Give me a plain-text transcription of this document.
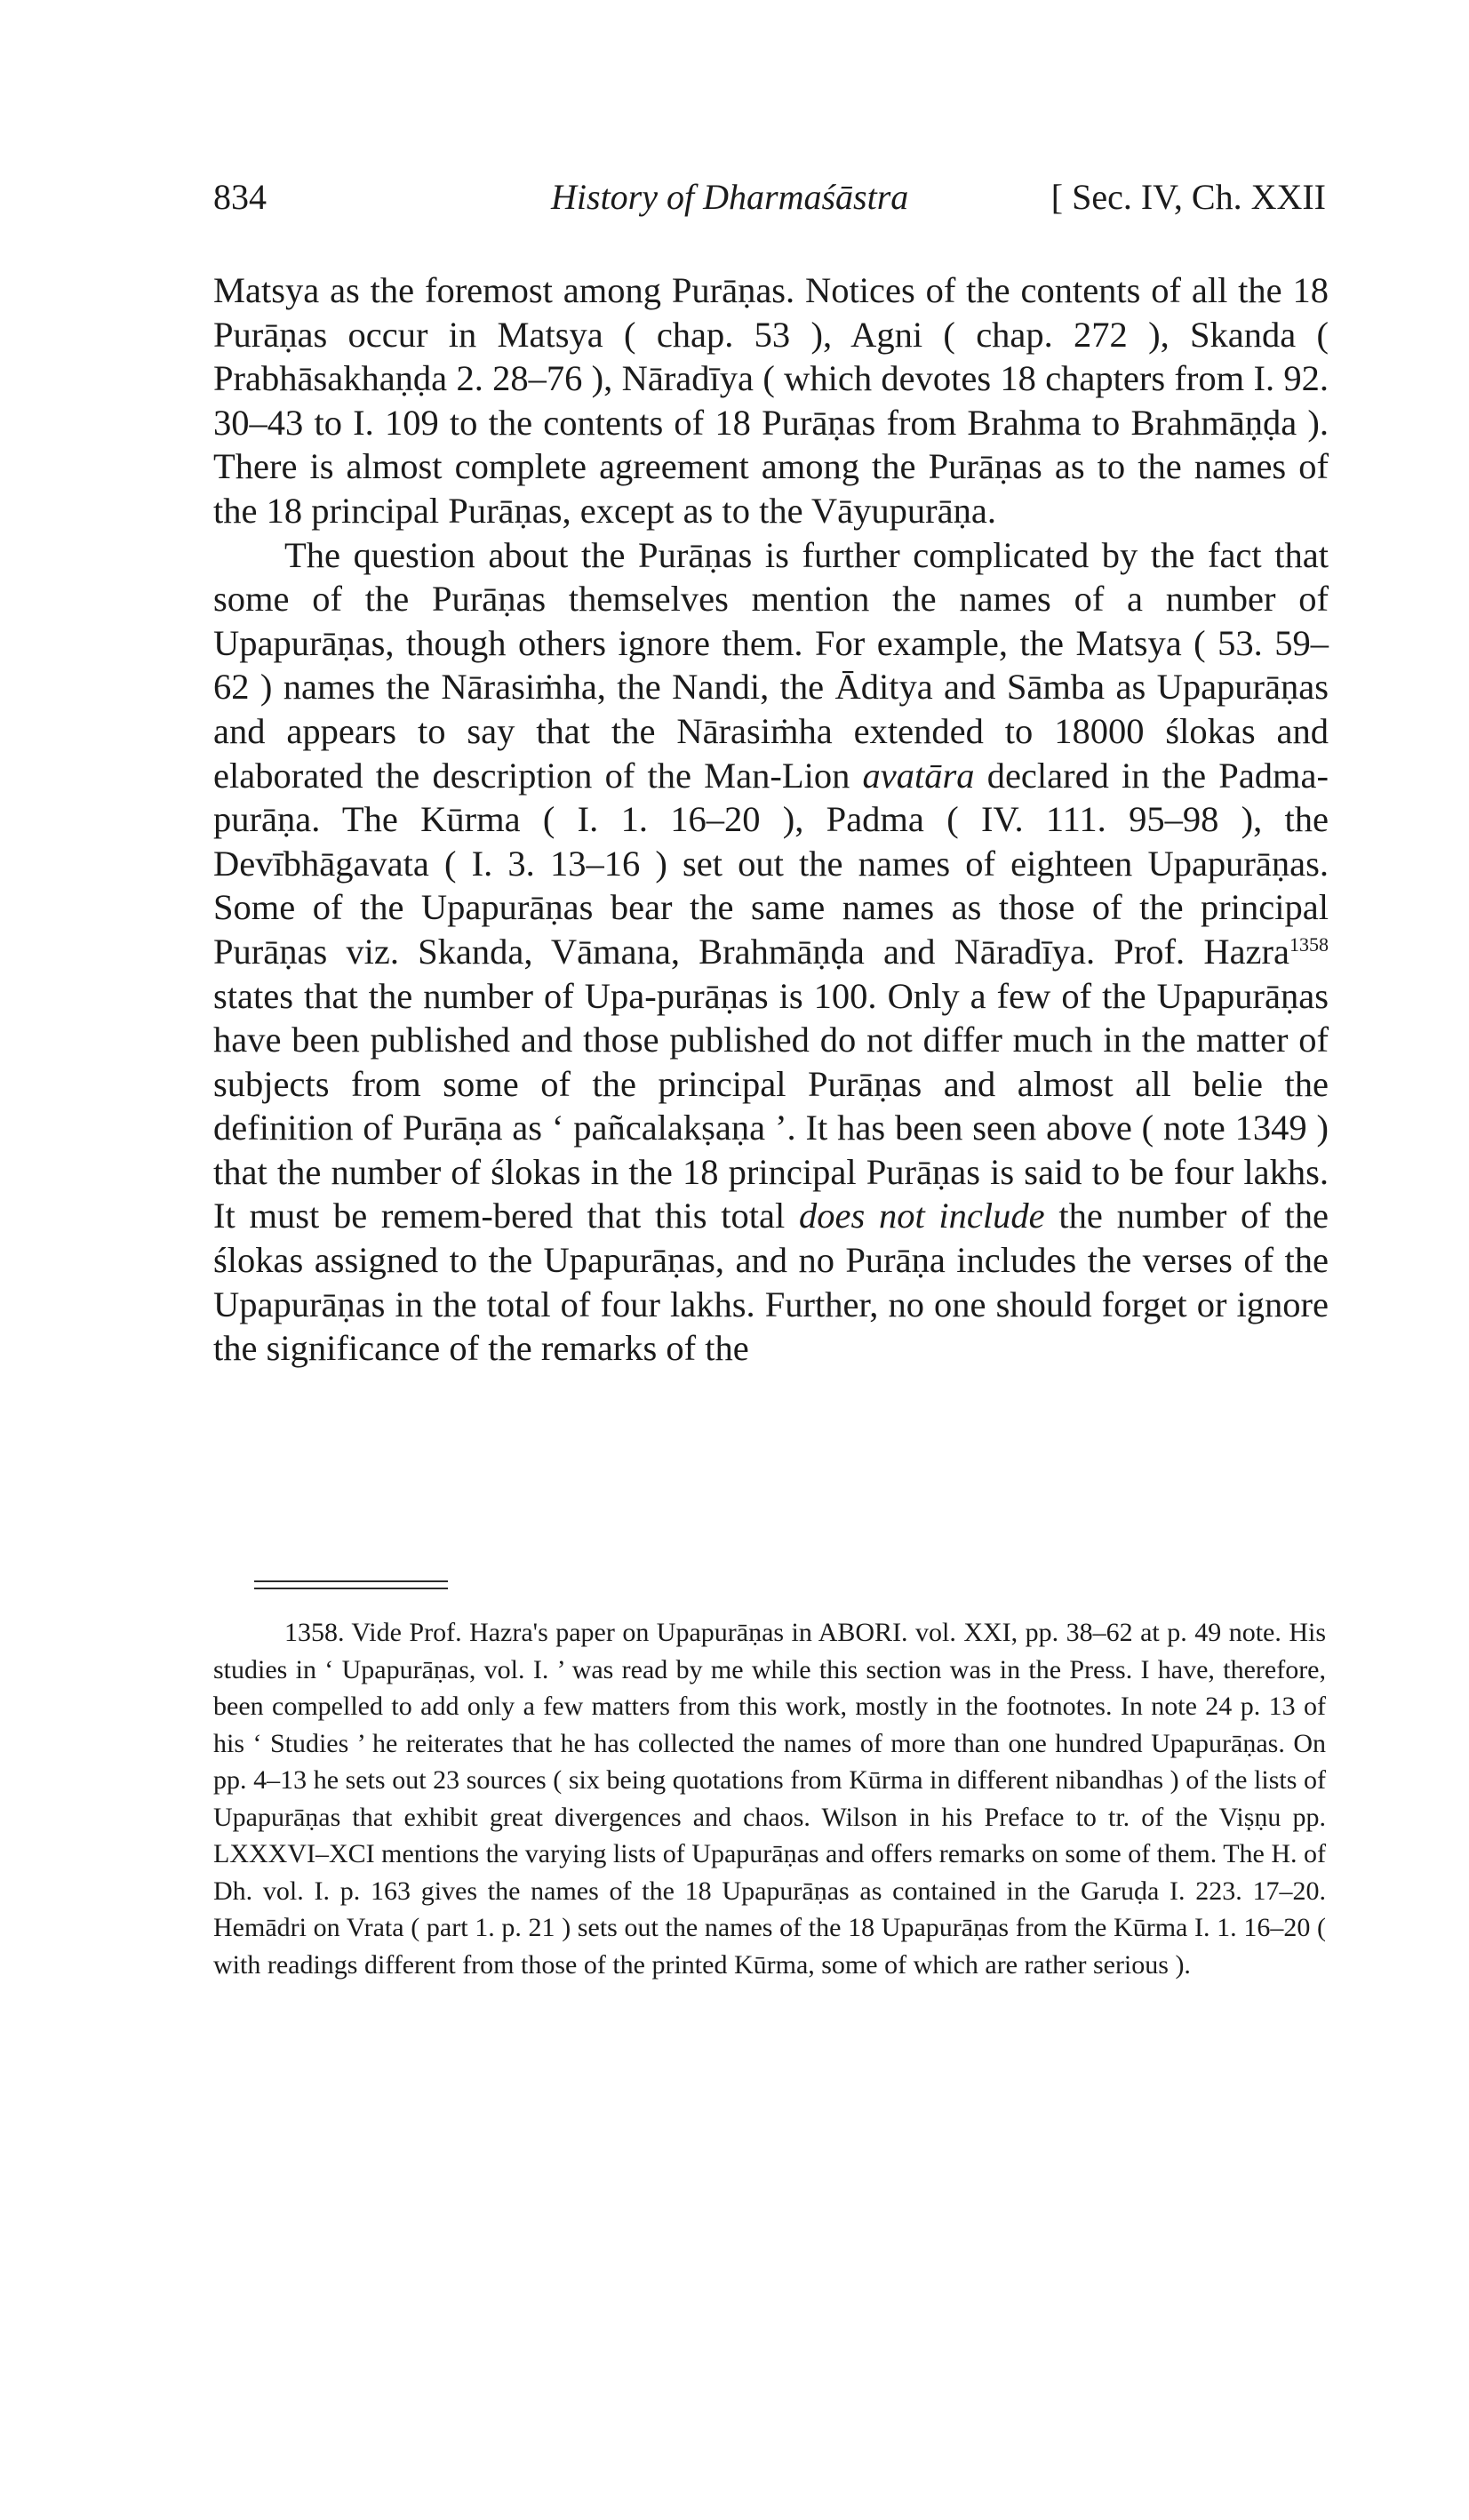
834	History of Dharmaśāstra	[ Sec. IV, Ch. XXII

Matsya as the foremost among Purāṇas. Notices of the contents of all the 18 Purāṇas occur in Matsya ( chap. 53 ), Agni ( chap. 272 ), Skanda ( Prabhāsakhaṇḍa 2. 28–76 ), Nāradīya ( which devotes 18 chapters from I. 92. 30–43 to I. 109 to the contents of 18 Purāṇas from Brahma to Brahmāṇḍa ). There is almost complete agreement among the Purāṇas as to the names of the 18 principal Purāṇas, except as to the Vāyupurāṇa.

The question about the Purāṇas is further complicated by the fact that some of the Purāṇas themselves mention the names of a number of Upapurāṇas, though others ignore them. For example, the Matsya ( 53. 59–62 ) names the Nārasiṁha, the Nandi, the Āditya and Sāmba as Upapurāṇas and appears to say that the Nārasiṁha extended to 18000 ślokas and elaborated the description of the Man-Lion avatāra declared in the Padma-purāṇa. The Kūrma ( I. 1. 16–20 ), Padma ( IV. 111. 95–98 ), the Devībhāgavata ( I. 3. 13–16 ) set out the names of eighteen Upapurāṇas. Some of the Upapurāṇas bear the same names as those of the principal Purāṇas viz. Skanda, Vāmana, Brahmāṇḍa and Nāradīya. Prof. Hazra$^{1358}$ states that the number of Upa-purāṇas is 100. Only a few of the Upapurāṇas have been published and those published do not differ much in the matter of subjects from some of the principal Purāṇas and almost all belie the definition of Purāṇa as ‘ pañcalakṣaṇa ’. It has been seen above ( note 1349 ) that the number of ślokas in the 18 principal Purāṇas is said to be four lakhs. It must be remem-bered that this total does not include the number of the ślokas assigned to the Upapurāṇas, and no Purāṇa includes the verses of the Upapurāṇas in the total of four lakhs. Further, no one should forget or ignore the significance of the remarks of the

1358. Vide Prof. Hazra's paper on Upapurāṇas in ABORI. vol. XXI, pp. 38–62 at p. 49 note. His studies in ‘ Upapurāṇas, vol. I. ’ was read by me while this section was in the Press. I have, therefore, been compelled to add only a few matters from this work, mostly in the footnotes. In note 24 p. 13 of his ‘ Studies ’ he reiterates that he has collected the names of more than one hundred Upapurāṇas. On pp. 4–13 he sets out 23 sources ( six being quotations from Kūrma in different nibandhas ) of the lists of Upapurāṇas that exhibit great divergences and chaos. Wilson in his Preface to tr. of the Viṣṇu pp. LXXXVI–XCI mentions the varying lists of Upapurāṇas and offers remarks on some of them. The H. of Dh. vol. I. p. 163 gives the names of the 18 Upapurāṇas as contained in the Garuḍa I. 223. 17–20. Hemādri on Vrata ( part 1. p. 21 ) sets out the names of the 18 Upapurāṇas from the Kūrma I. 1. 16–20 ( with readings different from those of the printed Kūrma, some of which are rather serious ).
